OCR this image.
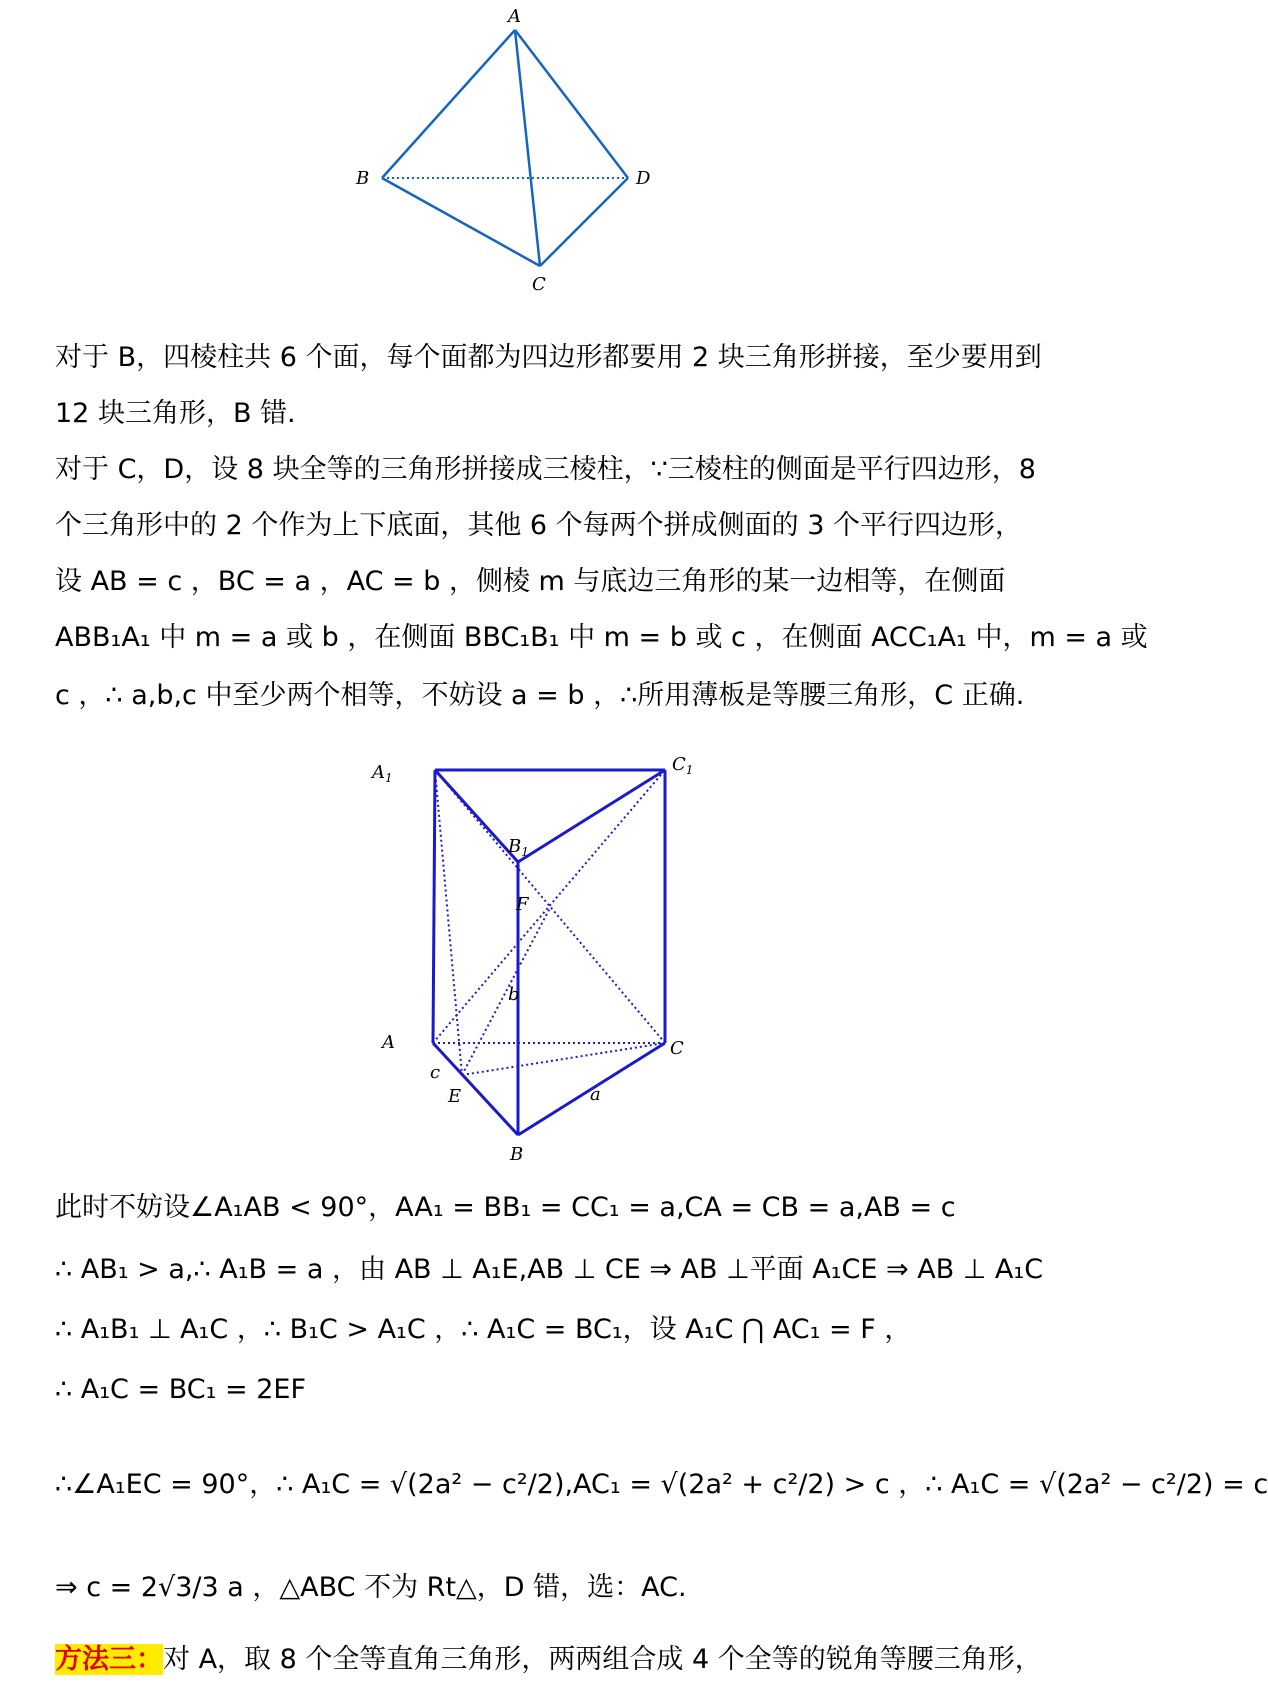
A
D
C
B
对于 B，四棱柱共 6 个面，每个面都为四边形都要用 2 块三角形拼接，至少要用到
12 块三角形，B 错.
对于 C，D，设 8 块全等的三角形拼接成三棱柱，∵三棱柱的侧面是平行四边形，8
个三角形中的 2 个作为上下底面，其他 6 个每两个拼成侧面的 3 个平行四边形，
设 AB = c ，BC = a ，AC = b ，侧棱 m 与底边三角形的某一边相等，在侧面
ABB₁A₁ 中 m = a 或 b ，在侧面 BBC₁B₁ 中 m = b 或 c ，在侧面 ACC₁A₁ 中，m = a 或
c ，∴ a,b,c 中至少两个相等，不妨设 a = b ，∴所用薄板是等腰三角形，C 正确.
$A_1$
$C_1$
$B_1$
F
b
A	C
c
E	a
B
此时不妨设∠A₁AB < 90°，AA₁ = BB₁ = CC₁ = a,CA = CB = a,AB = c
∴ AB₁ > a,∴ A₁B = a ，由 AB ⊥ A₁E,AB ⊥ CE ⇒ AB ⊥平面 A₁CE ⇒ AB ⊥ A₁C
∴ A₁B₁ ⊥ A₁C ，∴ B₁C > A₁C ，∴ A₁C = BC₁，设 A₁C ⋂ AC₁ = F ，
∴ A₁C = BC₁ = 2EF
∴∠A₁EC = 90°，∴ A₁C = √(2a² − c²/2),AC₁ = √(2a² + c²/2) > c ，∴ A₁C = √(2a² − c²/2) = c
⇒ c = 2√3/3 a ，△ABC 不为 Rt△，D 错，选：AC.
方法三：对 A，取 8 个全等直角三角形，两两组合成 4 个全等的锐角等腰三角形，
